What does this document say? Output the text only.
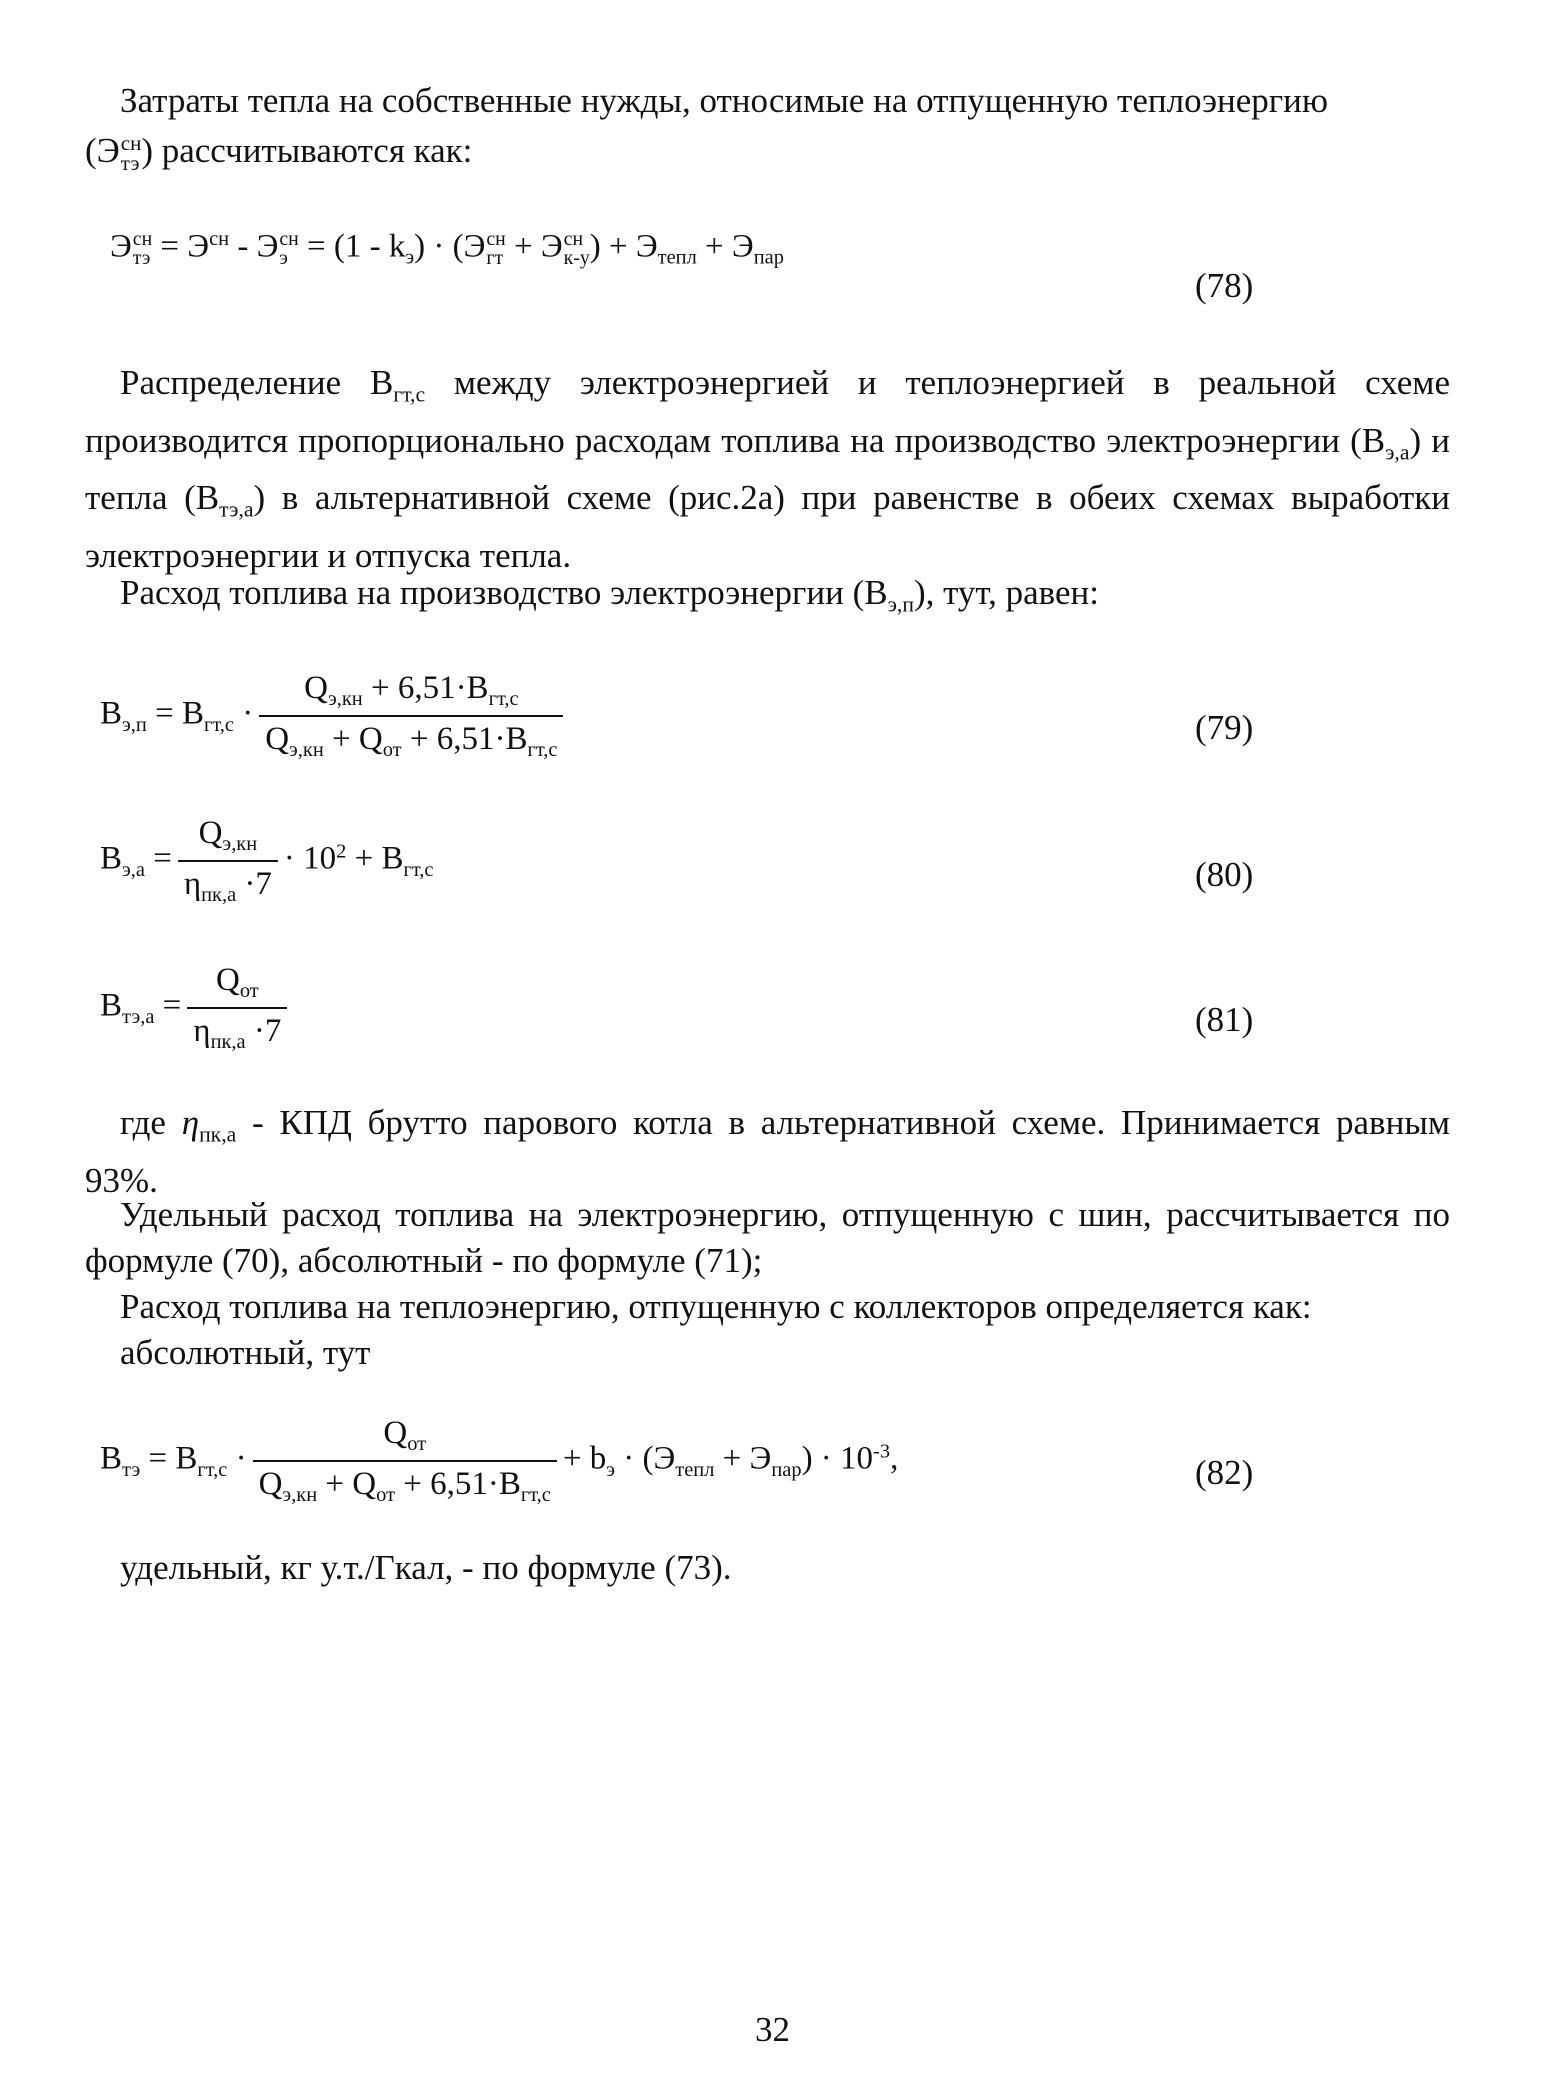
Затраты тепла на собственные нужды, относимые на отпущенную теплоэнергию
(Э сн
тэ ) рассчитываются как:
Э сн
тэ = $Э^{сн}$ - Э сн
$э = (1 - k_э) \cdot (Э$ сн
гт + Э сн
к-у ) + $Э_{тепл} + Э_{пар}$
(78)
Распределение $В_{гт,с}$ между электроэнергией и теплоэнергией в реальной схеме производится пропорционально расходам топлива на производство электроэнергии $(В_{э,а})$ и тепла $(В_{тэ,а})$ в альтернативной схеме (рис.2а) при равенстве в обеих схемах выработки электроэнергии и отпуска тепла.
Расход топлива на производство электроэнергии $(В_{э,п})$, тут, равен:
$В_{э,п} = В_{гт,с} \cdot \frac{Q_{э,кн} + 6,51\cdot В_{гт,с}}{Q_{э,кн} + Q_{от} + 6,51\cdot В_{гт,с}}$	(79)
$В_{э,а} = \frac{Q_{э,кн}}{\eta_{пк,а} \cdot 7} \cdot 10^2 + В_{гт,с}$	(80)
$В_{тэ,а} = \frac{Q_{от}}{\eta_{пк,а} \cdot 7}$	(81)
где $\eta_{пк,а}$ - КПД брутто парового котла в альтернативной схеме. Принимается равным 93%.
Удельный расход топлива на электроэнергию, отпущенную с шин, рассчитывается по формуле (70), абсолютный - по формуле (71);
Расход топлива на теплоэнергию, отпущенную с коллекторов определяется как:
абсолютный, тут
$В_{тэ} = В_{гт,с} \cdot \frac{Q_{от}}{Q_{э,кн} + Q_{от} + 6,51\cdot В_{гт,с}} + b_э \cdot (Э_{тепл} + Э_{пар}) \cdot 10^{-3}$,	(82)
удельный, кг у.т./Гкал, - по формуле (73).
32
